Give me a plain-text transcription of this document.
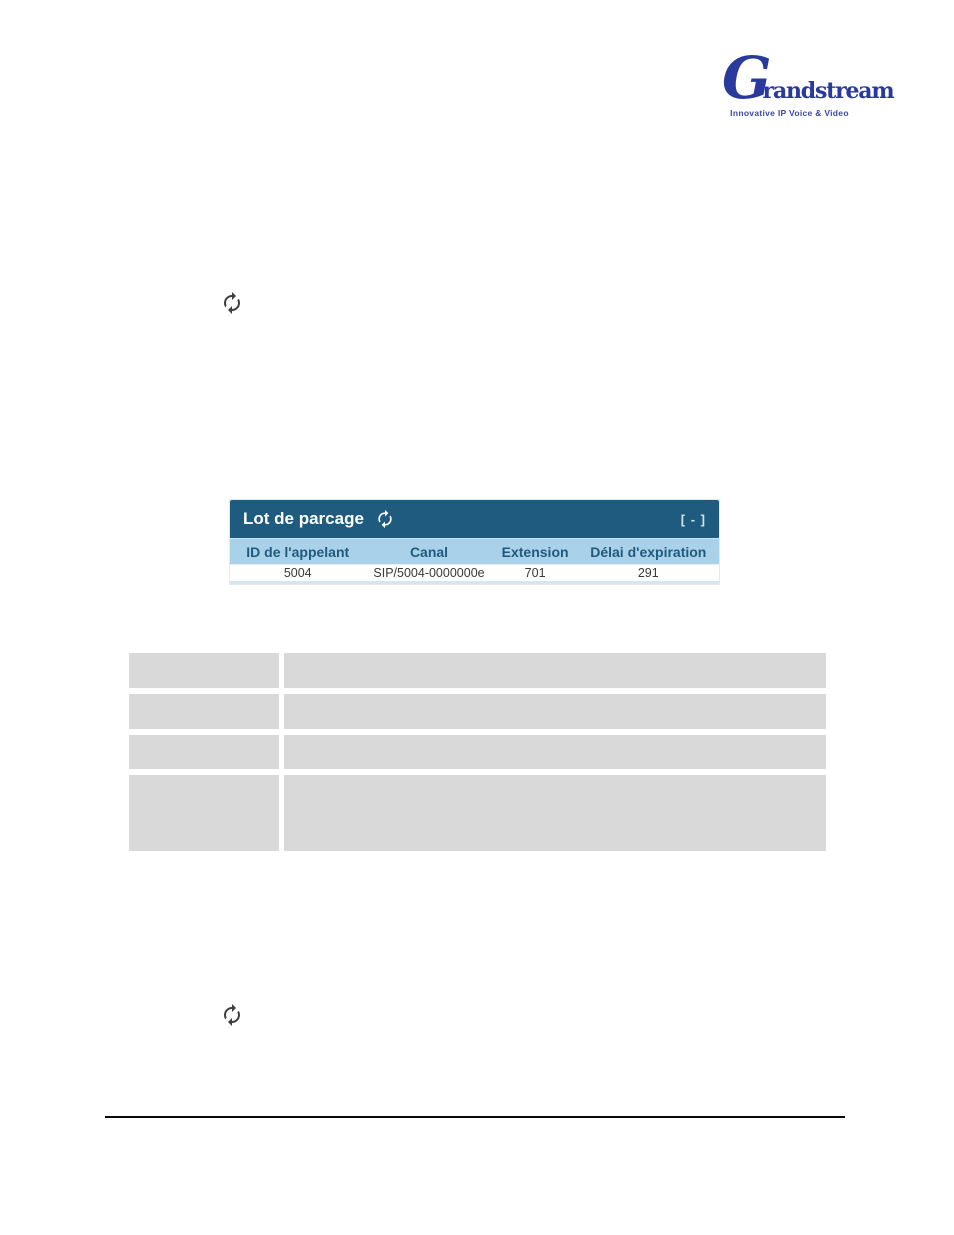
Grandstream
Innovative IP Voice & Video
Lot de parcage	[ - ]
ID de l'appelant	Canal	Extension	Délai d'expiration
5004	SIP/5004-0000000e	701	291
